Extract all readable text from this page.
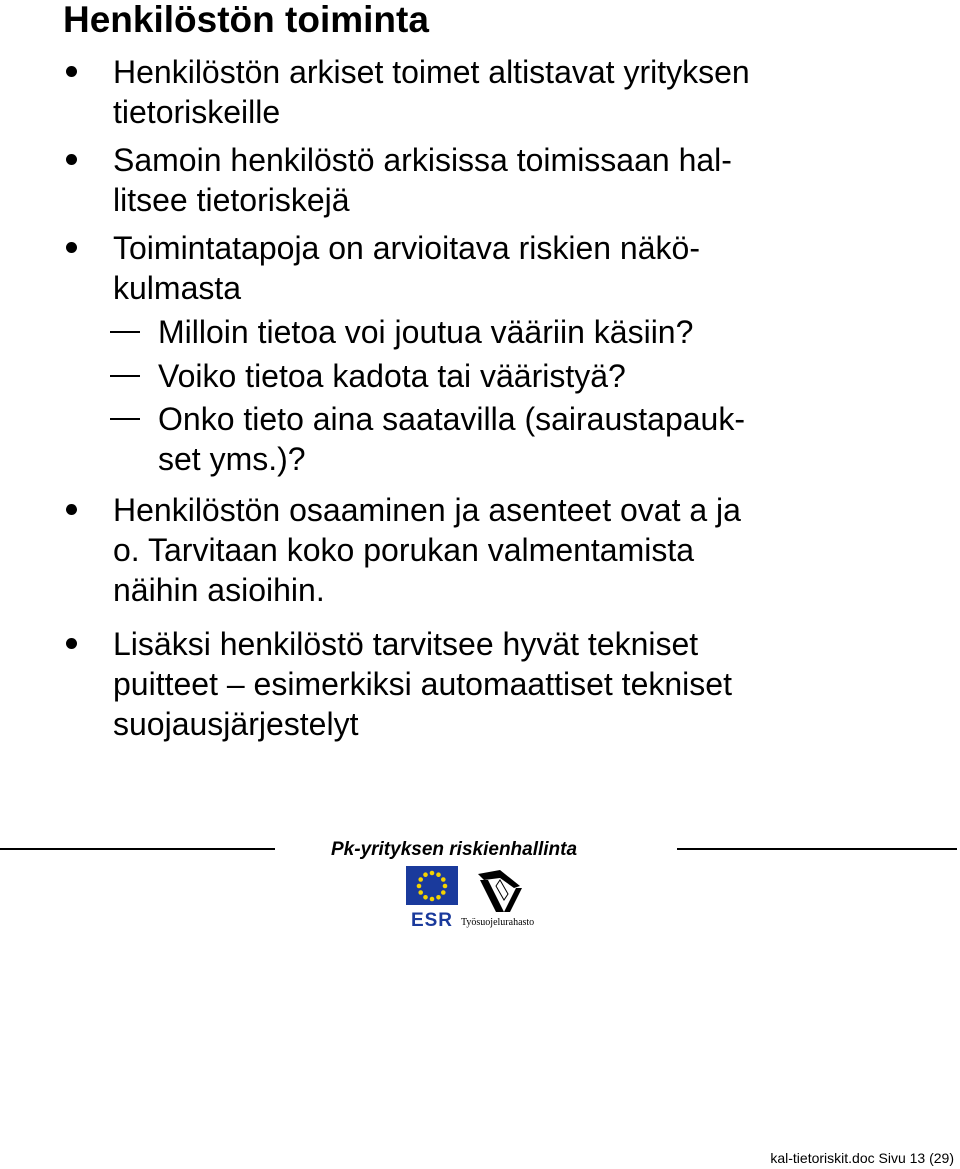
Henkilöstön toiminta
Henkilöstön arkiset toimet altistavat yrityksen
tietoriskeille
Samoin henkilöstö arkisissa toimissaan hal-
litsee tietoriskejä
Toimintatapoja on arvioitava riskien näkö-
kulmasta
Milloin tietoa voi joutua vääriin käsiin?
Voiko tietoa kadota tai vääristyä?
Onko tieto aina saatavilla (sairaustapauk-
set yms.)?
Henkilöstön osaaminen ja asenteet ovat a ja
o. Tarvitaan koko porukan valmentamista
näihin asioihin.
Lisäksi henkilöstö tarvitsee hyvät tekniset
puitteet – esimerkiksi automaattiset tekniset
suojausjärjestelyt
Pk-yrityksen riskienhallinta
ESR Työsuojelurahasto
kal-tietoriskit.doc Sivu 13 (29)
